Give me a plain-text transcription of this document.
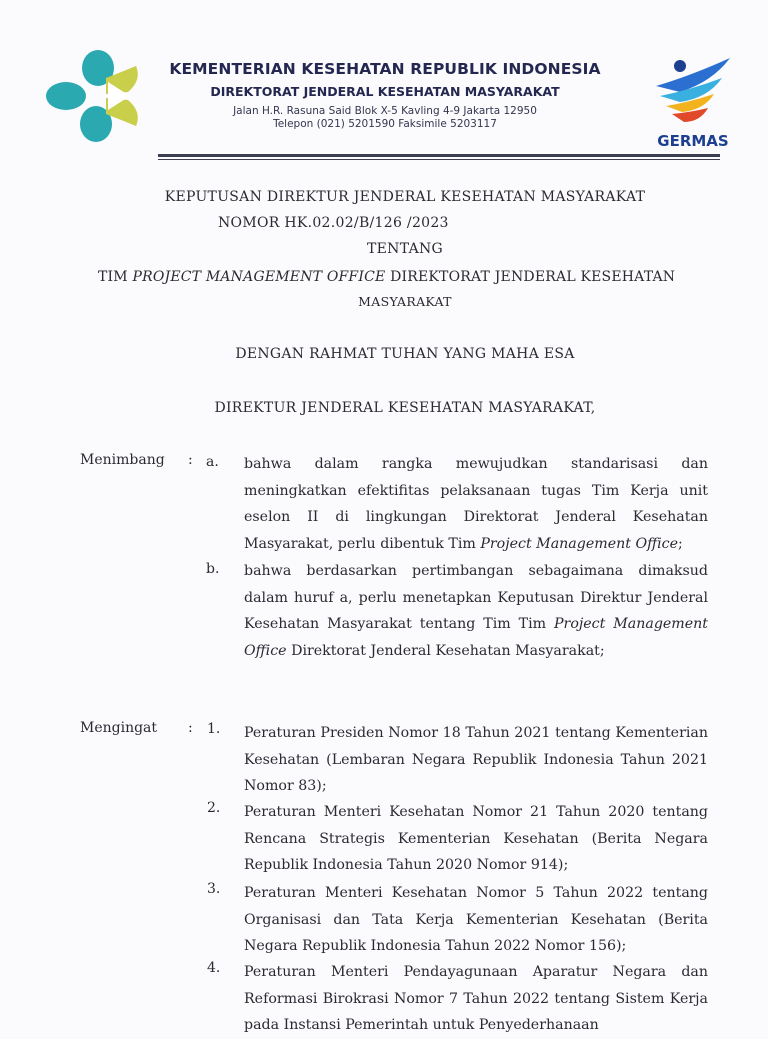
KEMENTERIAN KESEHATAN REPUBLIK INDONESIA
DIREKTORAT JENDERAL KESEHATAN MASYARAKAT
Jalan H.R. Rasuna Said Blok X-5 Kavling 4-9 Jakarta 12950
Telepon (021) 5201590 Faksimile 5203117
GERMAS
KEPUTUSAN DIREKTUR JENDERAL KESEHATAN MASYARAKAT
NOMOR HK.02.02/B/126 /2023
TENTANG
TIM PROJECT MANAGEMENT OFFICE DIREKTORAT JENDERAL KESEHATAN
MASYARAKAT
DENGAN RAHMAT TUHAN YANG MAHA ESA
DIREKTUR JENDERAL KESEHATAN MASYARAKAT,
Menimbang : a. bahwa dalam rangka mewujudkan standarisasi dan meningkatkan efektifitas pelaksanaan tugas Tim Kerja unit eselon II di lingkungan Direktorat Jenderal Kesehatan Masyarakat, perlu dibentuk Tim Project Management Office;
b. bahwa berdasarkan pertimbangan sebagaimana dimaksud dalam huruf a, perlu menetapkan Keputusan Direktur Jenderal Kesehatan Masyarakat tentang Tim Tim Project Management Office Direktorat Jenderal Kesehatan Masyarakat;
Mengingat : 1. Peraturan Presiden Nomor 18 Tahun 2021 tentang Kementerian Kesehatan (Lembaran Negara Republik Indonesia Tahun 2021 Nomor 83);
2. Peraturan Menteri Kesehatan Nomor 21 Tahun 2020 tentang Rencana Strategis Kementerian Kesehatan (Berita Negara Republik Indonesia Tahun 2020 Nomor 914);
3. Peraturan Menteri Kesehatan Nomor 5 Tahun 2022 tentang Organisasi dan Tata Kerja Kementerian Kesehatan (Berita Negara Republik Indonesia Tahun 2022 Nomor 156);
4. Peraturan Menteri Pendayagunaan Aparatur Negara dan Reformasi Birokrasi Nomor 7 Tahun 2022 tentang Sistem Kerja pada Instansi Pemerintah untuk Penyederhanaan
